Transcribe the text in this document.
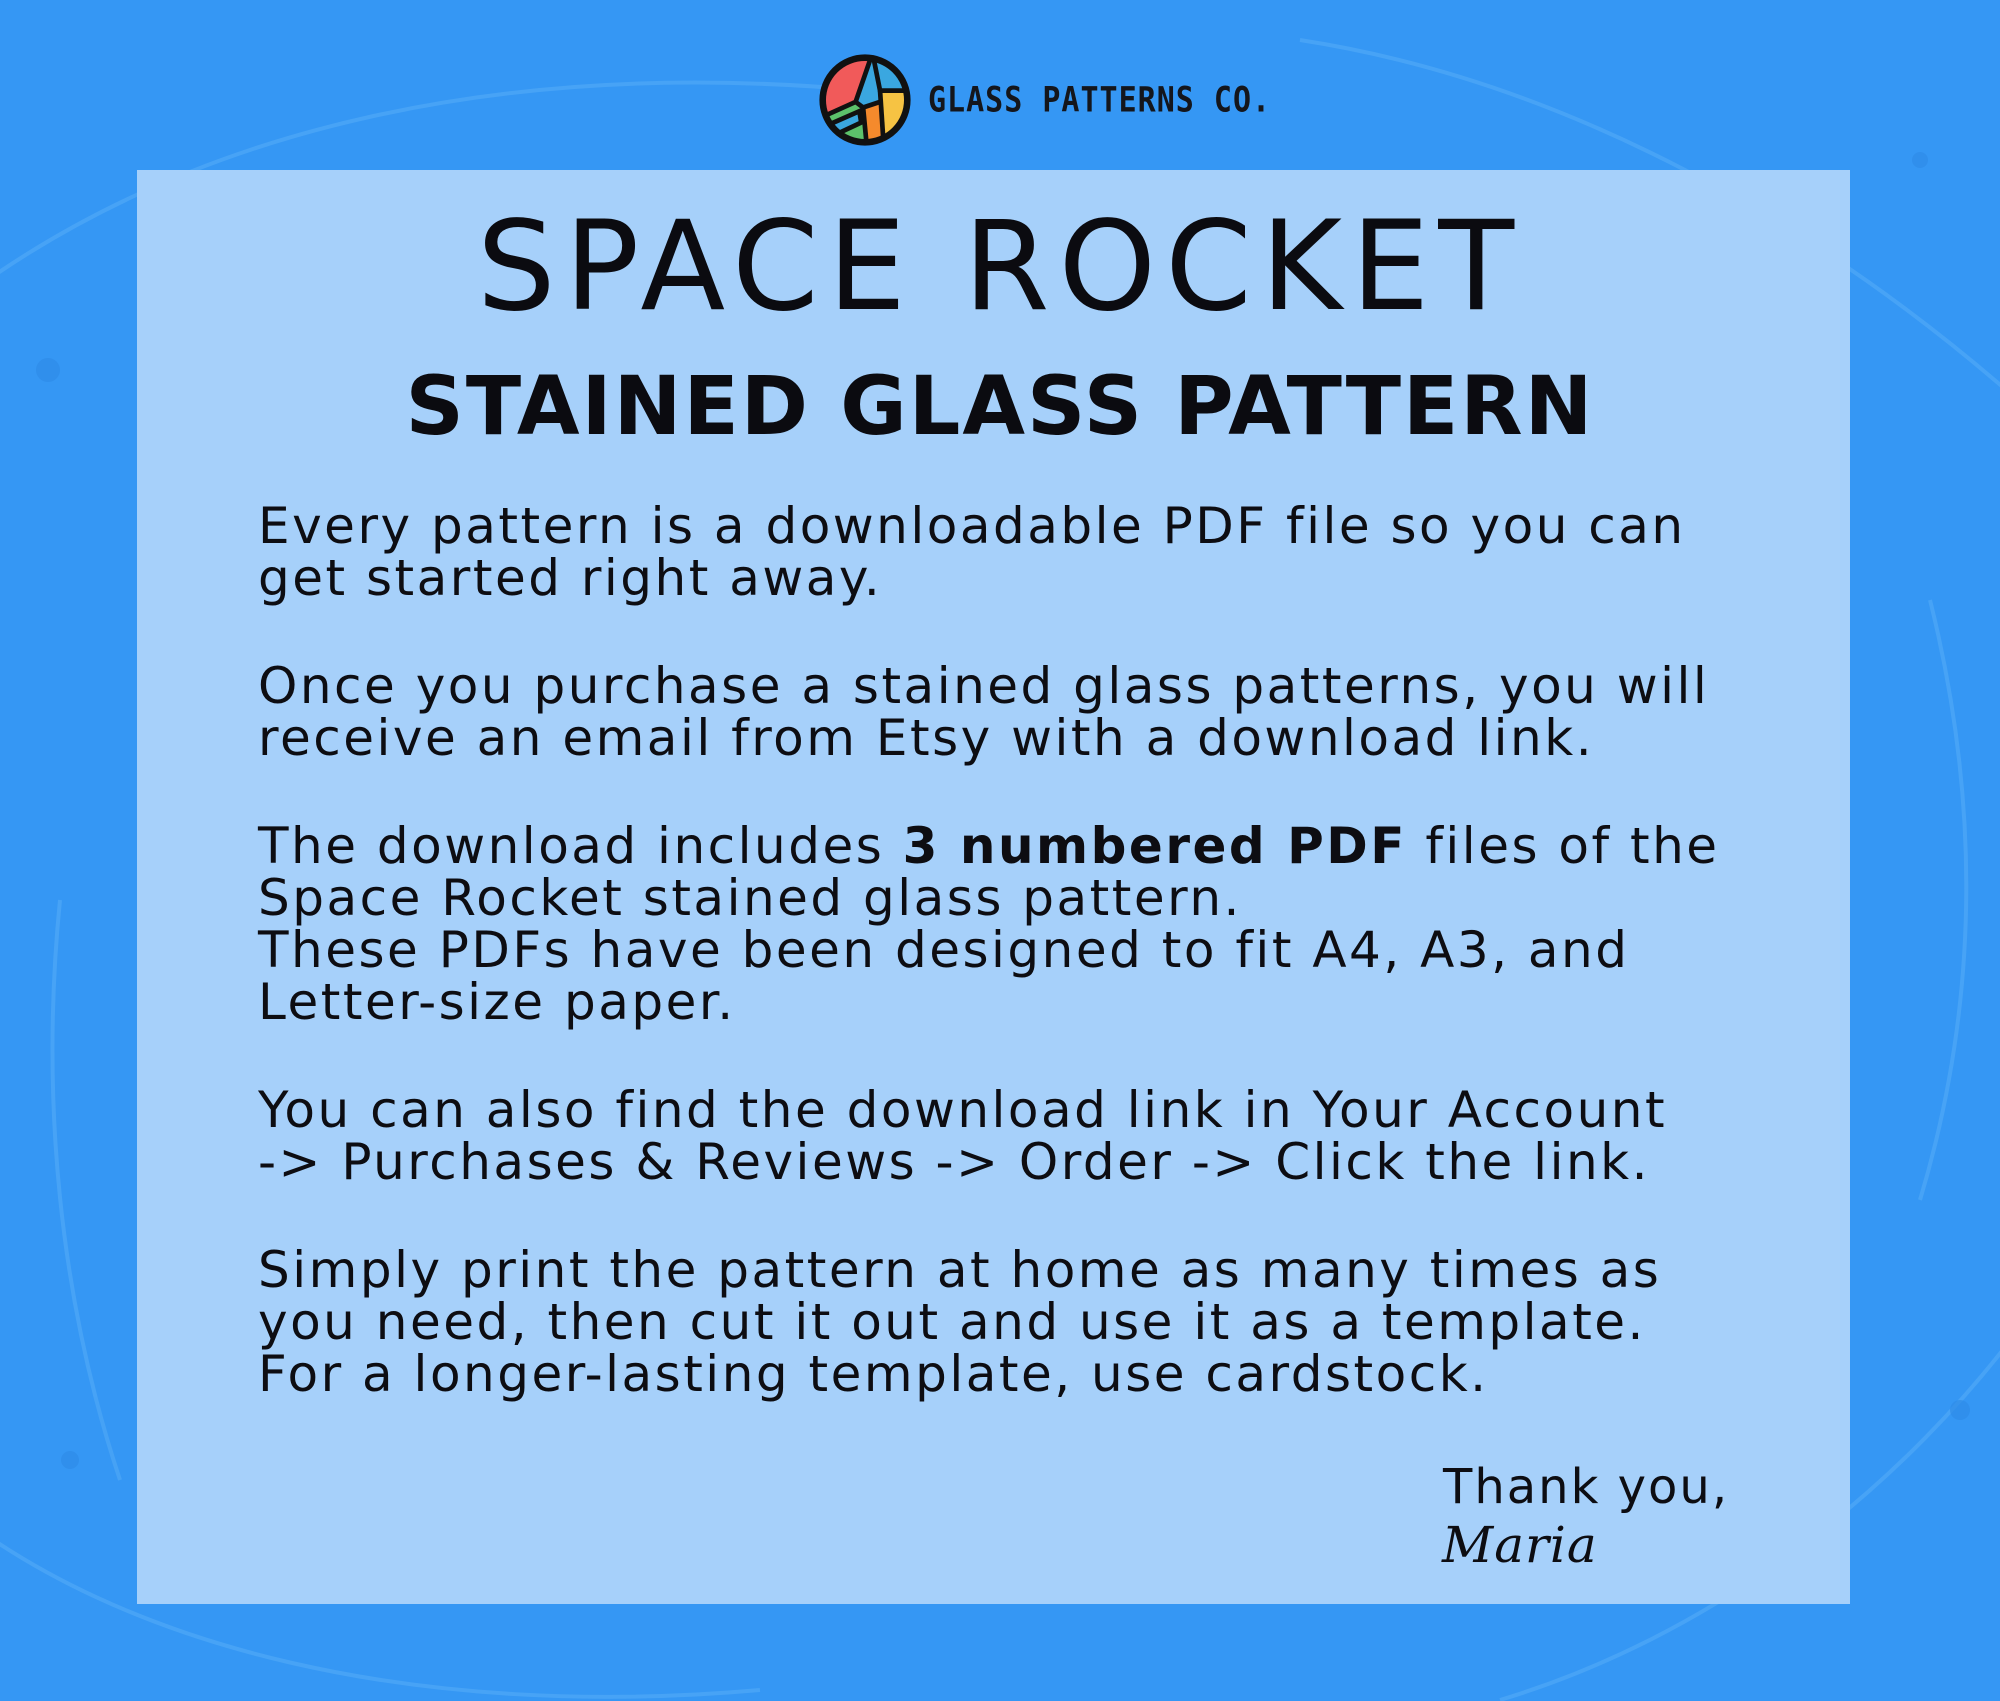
GLASS PATTERNS CO.
SPACE ROCKET
STAINED GLASS PATTERN

Every pattern is a downloadable PDF file so you can
get started right away.

Once you purchase a stained glass patterns, you will
receive an email from Etsy with a download link.

The download includes 3 numbered PDF files of the
Space Rocket stained glass pattern.
These PDFs have been designed to fit A4, A3, and
Letter-size paper.

You can also find the download link in Your Account
-> Purchases & Reviews -> Order -> Click the link.

Simply print the pattern at home as many times as
you need, then cut it out and use it as a template.
For a longer-lasting template, use cardstock.

Thank you,
Maria
